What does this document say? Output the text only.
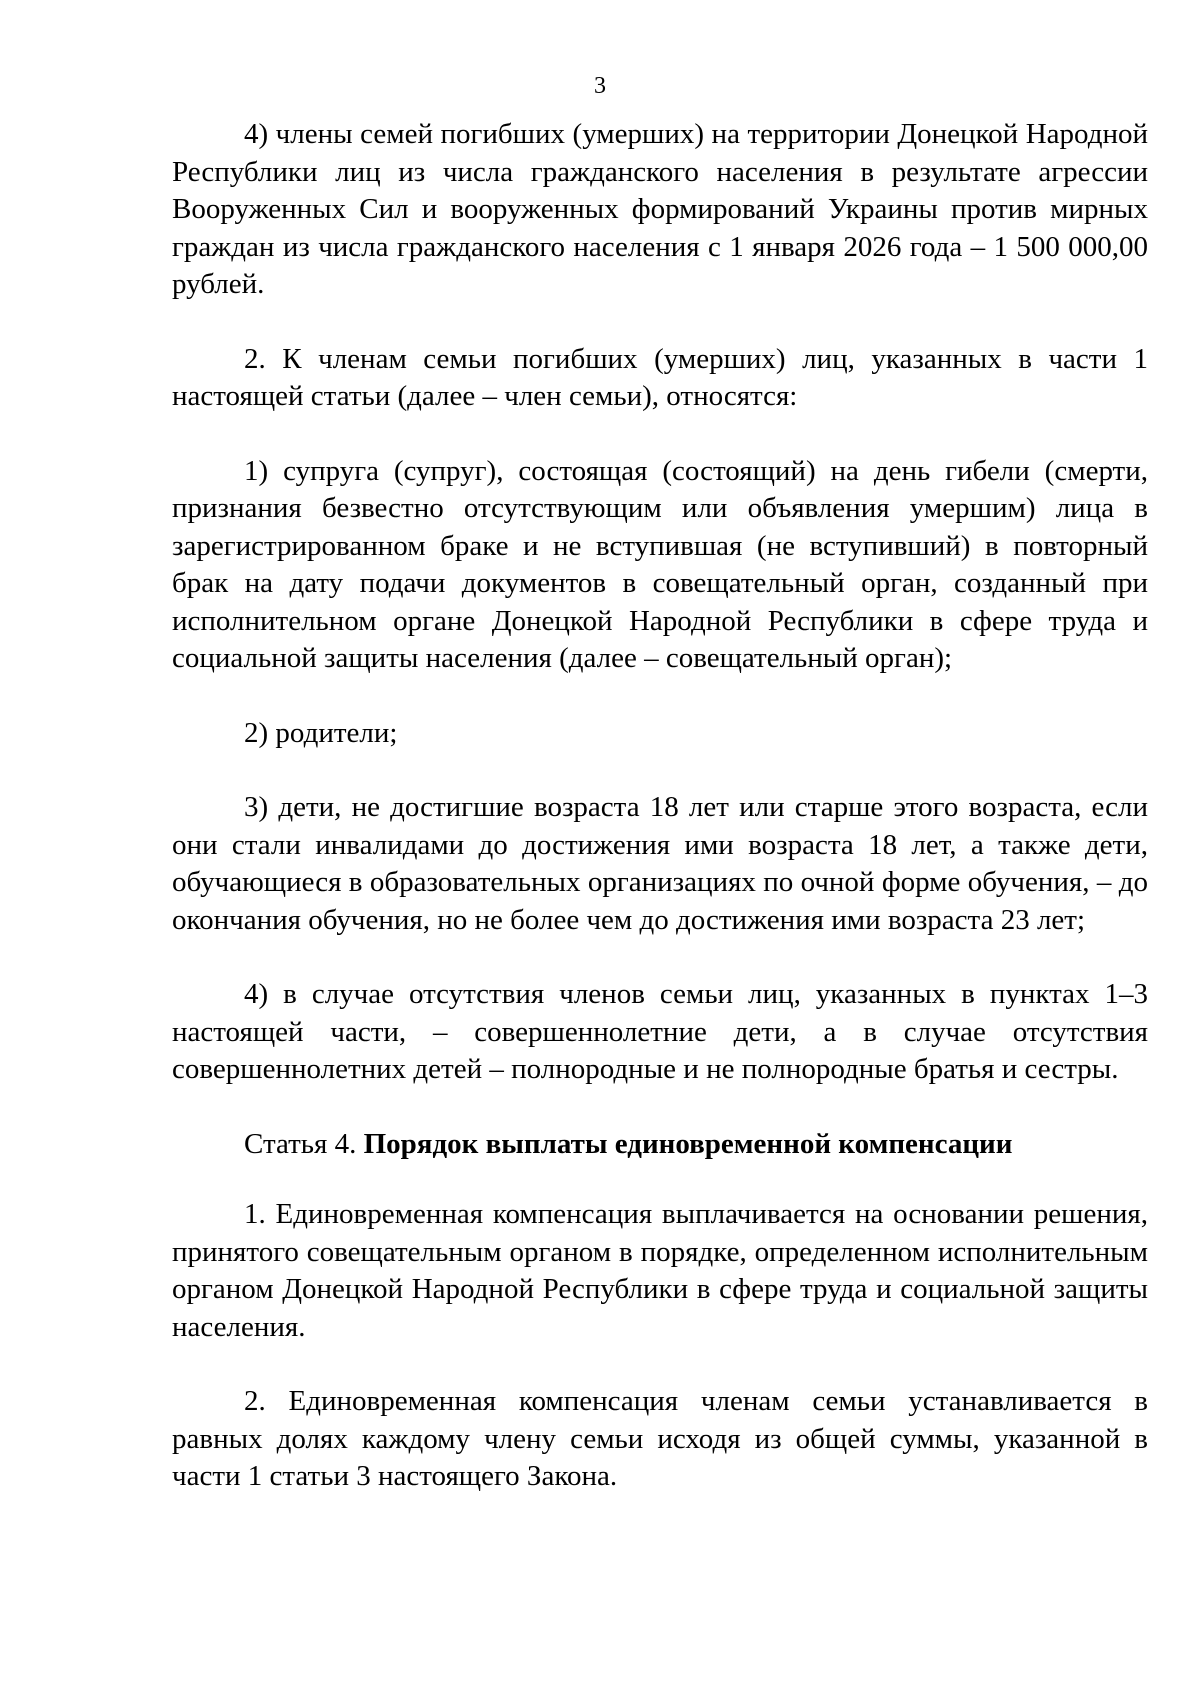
3

4) члены семей погибших (умерших) на территории Донецкой Народной Республики лиц из числа гражданского населения в результате агрессии Вооруженных Сил и вооруженных формирований Украины против мирных граждан из числа гражданского населения с 1 января 2026 года – 1 500 000,00 рублей.

2. К членам семьи погибших (умерших) лиц, указанных в части 1 настоящей статьи (далее – член семьи), относятся:

1) супруга (супруг), состоящая (состоящий) на день гибели (смерти, признания безвестно отсутствующим или объявления умершим) лица в зарегистрированном браке и не вступившая (не вступивший) в повторный брак на дату подачи документов в совещательный орган, созданный при исполнительном органе Донецкой Народной Республики в сфере труда и социальной защиты населения (далее – совещательный орган);

2) родители;

3) дети, не достигшие возраста 18 лет или старше этого возраста, если они стали инвалидами до достижения ими возраста 18 лет, а также дети, обучающиеся в образовательных организациях по очной форме обучения, – до окончания обучения, но не более чем до достижения ими возраста 23 лет;

4) в случае отсутствия членов семьи лиц, указанных в пунктах 1–3 настоящей части, – совершеннолетние дети, а в случае отсутствия совершеннолетних детей – полнородные и не полнородные братья и сестры.

Статья 4. Порядок выплаты единовременной компенсации

1. Единовременная компенсация выплачивается на основании решения, принятого совещательным органом в порядке, определенном исполнительным органом Донецкой Народной Республики в сфере труда и социальной защиты населения.

2. Единовременная компенсация членам семьи устанавливается в равных долях каждому члену семьи исходя из общей суммы, указанной в части 1 статьи 3 настоящего Закона.
